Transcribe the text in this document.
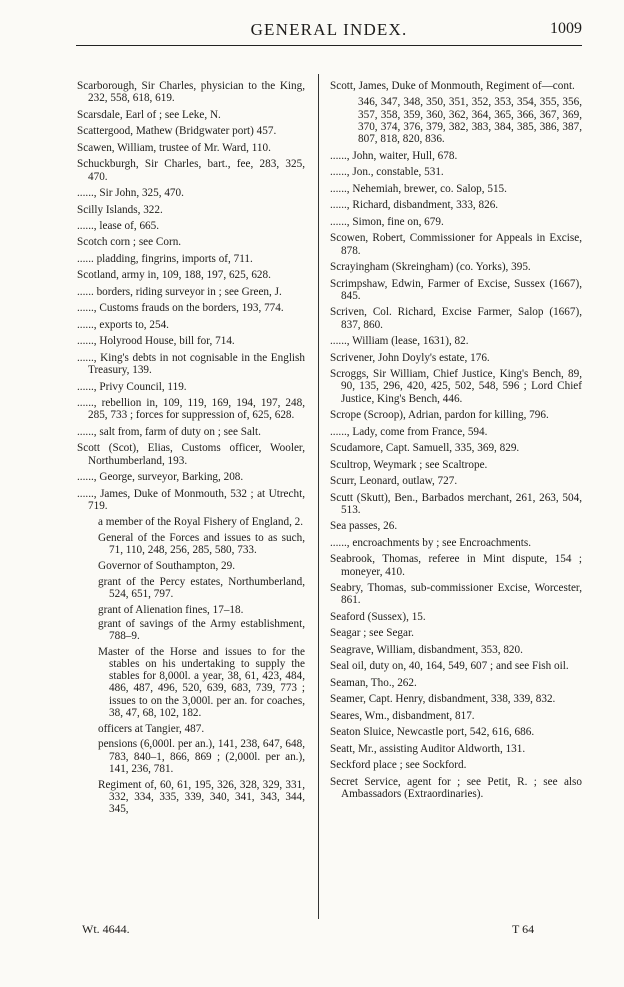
GENERAL INDEX.	1009

Scarborough, Sir Charles, physician to the King, 232, 558, 618, 619.

Scarsdale, Earl of ; see Leke, N.

Scattergood, Mathew (Bridgwater port) 457.

Scawen, William, trustee of Mr. Ward, 110.

Schuckburgh, Sir Charles, bart., fee, 283, 325, 470.

......, Sir John, 325, 470.

Scilly Islands, 322.

......, lease of, 665.

Scotch corn ; see Corn.

...... pladding, fingrins, imports of, 711.

Scotland, army in, 109, 188, 197, 625, 628.

...... borders, riding surveyor in ; see Green, J.

......, Customs frauds on the borders, 193, 774.

......, exports to, 254.

......, Holyrood House, bill for, 714.

......, King's debts in not cognisable in the English Treasury, 139.

......, Privy Council, 119.

......, rebellion in, 109, 119, 169, 194, 197, 248, 285, 733 ; forces for suppression of, 625, 628.

......, salt from, farm of duty on ; see Salt.

Scott (Scot), Elias, Customs officer, Wooler, Northumberland, 193.

......, George, surveyor, Barking, 208.

......, James, Duke of Monmouth, 532 ; at Utrecht, 719.

a member of the Royal Fishery of England, 2.

General of the Forces and issues to as such, 71, 110, 248, 256, 285, 580, 733.

Governor of Southampton, 29.

grant of the Percy estates, Northumberland, 524, 651, 797.

grant of Alienation fines, 17–18.

grant of savings of the Army establishment, 788–9.

Master of the Horse and issues to for the stables on his undertaking to supply the stables for 8,000l. a year, 38, 61, 423, 484, 486, 487, 496, 520, 639, 683, 739, 773 ; issues to on the 3,000l. per an. for coaches, 38, 47, 68, 102, 182.

officers at Tangier, 487.

pensions (6,000l. per an.), 141, 238, 647, 648, 783, 840–1, 866, 869 ; (2,000l. per an.), 141, 236, 781.

Regiment of, 60, 61, 195, 326, 328, 329, 331, 332, 334, 335, 339, 340, 341, 343, 344, 345,

Scott, James, Duke of Monmouth, Regiment of—cont.

346, 347, 348, 350, 351, 352, 353, 354, 355, 356, 357, 358, 359, 360, 362, 364, 365, 366, 367, 369, 370, 374, 376, 379, 382, 383, 384, 385, 386, 387, 807, 818, 820, 836.

......, John, waiter, Hull, 678.

......, Jon., constable, 531.

......, Nehemiah, brewer, co. Salop, 515.

......, Richard, disbandment, 333, 826.

......, Simon, fine on, 679.

Scowen, Robert, Commissioner for Appeals in Excise, 878.

Scrayingham (Skreingham) (co. Yorks), 395.

Scrimpshaw, Edwin, Farmer of Excise, Sussex (1667), 845.

Scriven, Col. Richard, Excise Farmer, Salop (1667), 837, 860.

......, William (lease, 1631), 82.

Scrivener, John Doyly's estate, 176.

Scroggs, Sir William, Chief Justice, King's Bench, 89, 90, 135, 296, 420, 425, 502, 548, 596 ; Lord Chief Justice, King's Bench, 446.

Scrope (Scroop), Adrian, pardon for killing, 796.

......, Lady, come from France, 594.

Scudamore, Capt. Samuell, 335, 369, 829.

Scultrop, Weymark ; see Scaltrope.

Scurr, Leonard, outlaw, 727.

Scutt (Skutt), Ben., Barbados merchant, 261, 263, 504, 513.

Sea passes, 26.

......, encroachments by ; see Encroachments.

Seabrook, Thomas, referee in Mint dispute, 154 ; moneyer, 410.

Seabry, Thomas, sub-commissioner Excise, Worcester, 861.

Seaford (Sussex), 15.

Seagar ; see Segar.

Seagrave, William, disbandment, 353, 820.

Seal oil, duty on, 40, 164, 549, 607 ; and see Fish oil.

Seaman, Tho., 262.

Seamer, Capt. Henry, disbandment, 338, 339, 832.

Seares, Wm., disbandment, 817.

Seaton Sluice, Newcastle port, 542, 616, 686.

Seatt, Mr., assisting Auditor Aldworth, 131.

Seckford place ; see Sockford.

Secret Service, agent for ; see Petit, R. ; see also Ambassadors (Extraordinaries).

Wt. 4644.	T 64
